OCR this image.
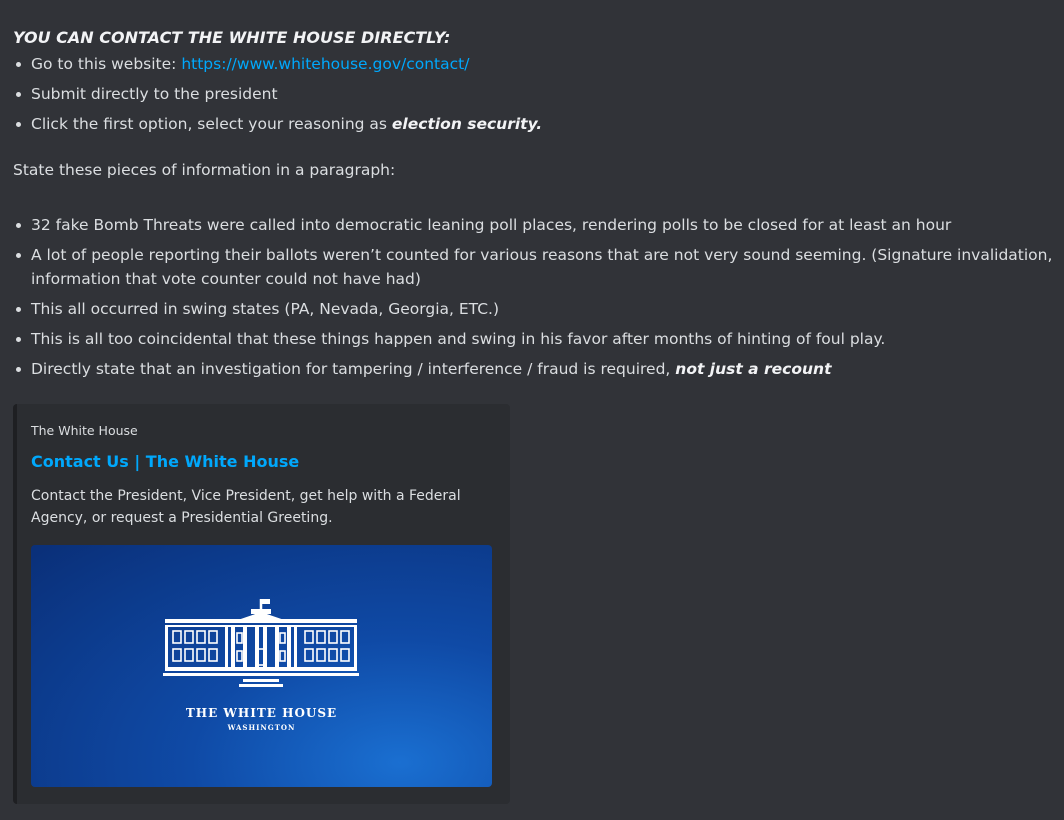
YOU CAN CONTACT THE WHITE HOUSE DIRECTLY:
Go to this website: https://www.whitehouse.gov/contact/
Submit directly to the president
Click the first option, select your reasoning as election security.
State these pieces of information in a paragraph:
32 fake Bomb Threats were called into democratic leaning poll places, rendering polls to be closed for at least an hour
A lot of people reporting their ballots weren’t counted for various reasons that are not very sound seeming. (Signature invalidation, information that vote counter could not have had)
This all occurred in swing states (PA, Nevada, Georgia, ETC.)
This is all too coincidental that these things happen and swing in his favor after months of hinting of foul play.
Directly state that an investigation for tampering / interference / fraud is required, not just a recount
The White House
Contact Us | The White House
Contact the President, Vice President, get help with a Federal Agency, or request a Presidential Greeting.
THE WHITE HOUSE
WASHINGTON
